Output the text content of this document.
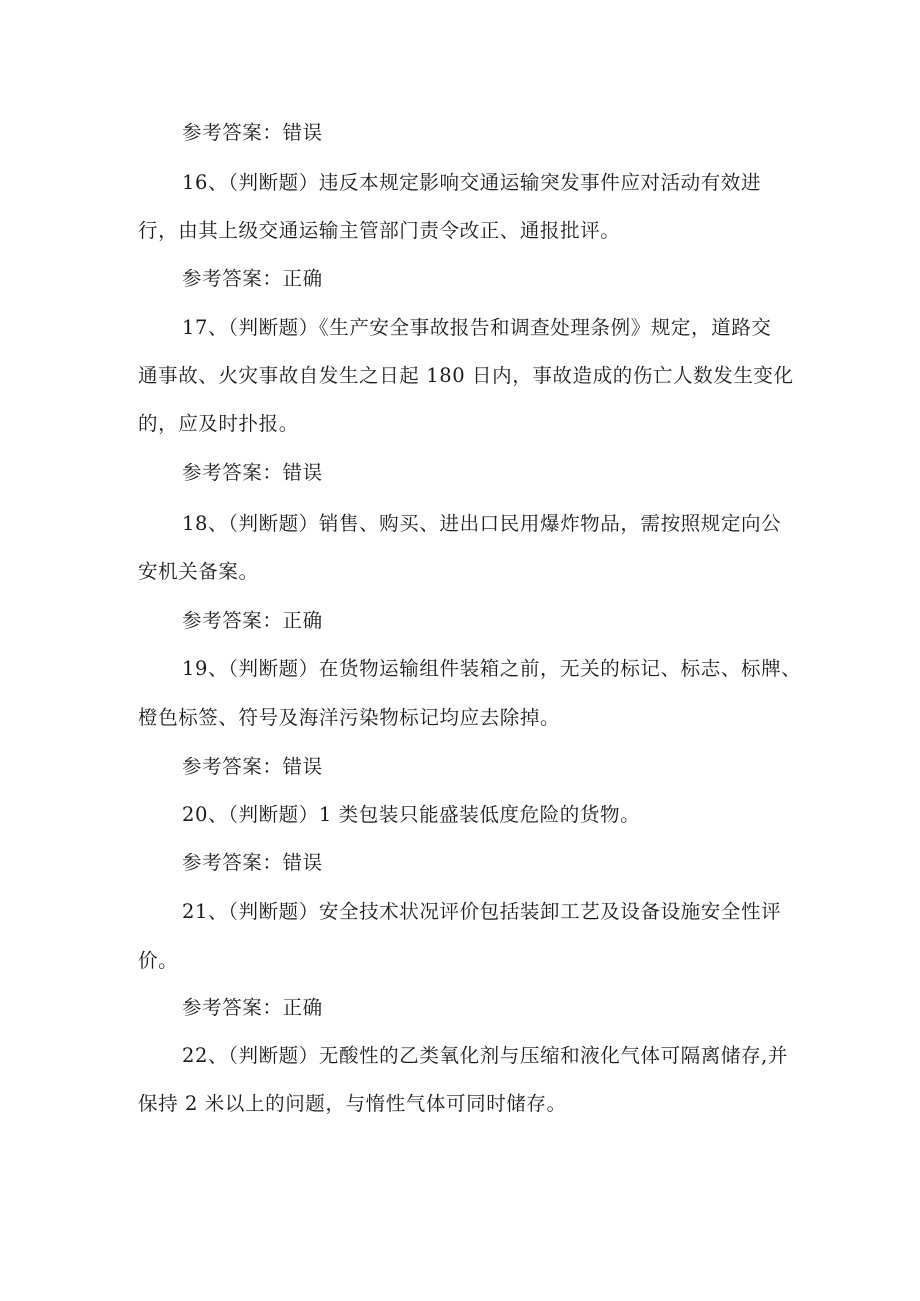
参考答案：错误
16、（判断题）违反本规定影响交通运输突发事件应对活动有效进
行，由其上级交通运输主管部门责令改正、通报批评。
参考答案：正确
17、（判断题）《生产安全事故报告和调查处理条例》规定，道路交
通事故、火灾事故自发生之日起 180 日内，事故造成的伤亡人数发生变化
的，应及时扑报。
参考答案：错误
18、（判断题）销售、购买、进出口民用爆炸物品，需按照规定向公
安机关备案。
参考答案：正确
19、（判断题）在货物运输组件装箱之前，无关的标记、标志、标牌、
橙色标签、符号及海洋污染物标记均应去除掉。
参考答案：错误
20、（判断题）1 类包装只能盛装低度危险的货物。
参考答案：错误
21、（判断题）安全技术状况评价包括装卸工艺及设备设施安全性评
价。
参考答案：正确
22、（判断题）无酸性的乙类氧化剂与压缩和液化气体可隔离储存,并
保持 2 米以上的问题，与惰性气体可同时储存。
